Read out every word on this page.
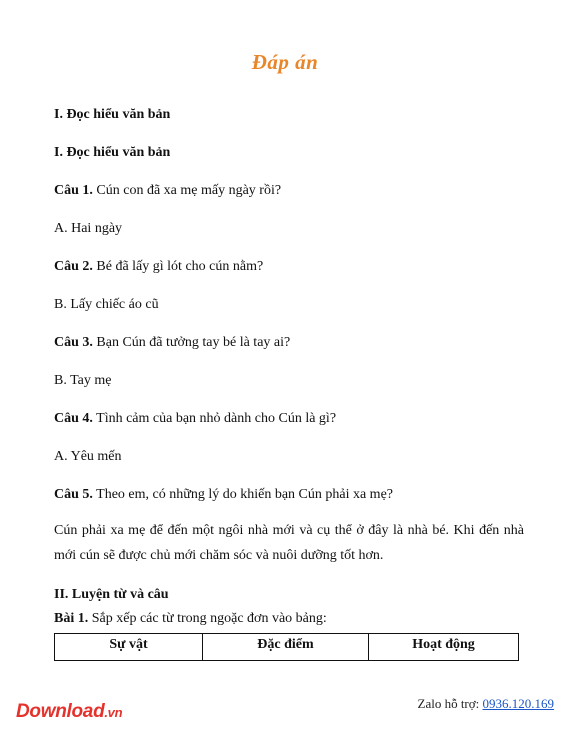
Đáp án
I. Đọc hiểu văn bản
I. Đọc hiểu văn bản
Câu 1. Cún con đã xa mẹ mấy ngày rồi?
A. Hai ngày
Câu 2. Bé đã lấy gì lót cho cún nằm?
B. Lấy chiếc áo cũ
Câu 3. Bạn Cún đã tưởng tay bé là tay ai?
B. Tay mẹ
Câu 4. Tình cảm của bạn nhỏ dành cho Cún là gì?
A. Yêu mến
Câu 5. Theo em, có những lý do khiến bạn Cún phải xa mẹ?
Cún phải xa mẹ để đến một ngôi nhà mới và cụ thể ở đây là nhà bé. Khi đến nhà mới cún sẽ được chủ mới chăm sóc và nuôi dưỡng tốt hơn.
II. Luyện từ và câu
Bài 1. Sắp xếp các từ trong ngoặc đơn vào bảng:
Sự vật	Đặc điểm	Hoạt động
Download.vn
Zalo hỗ trợ: 0936.120.169
